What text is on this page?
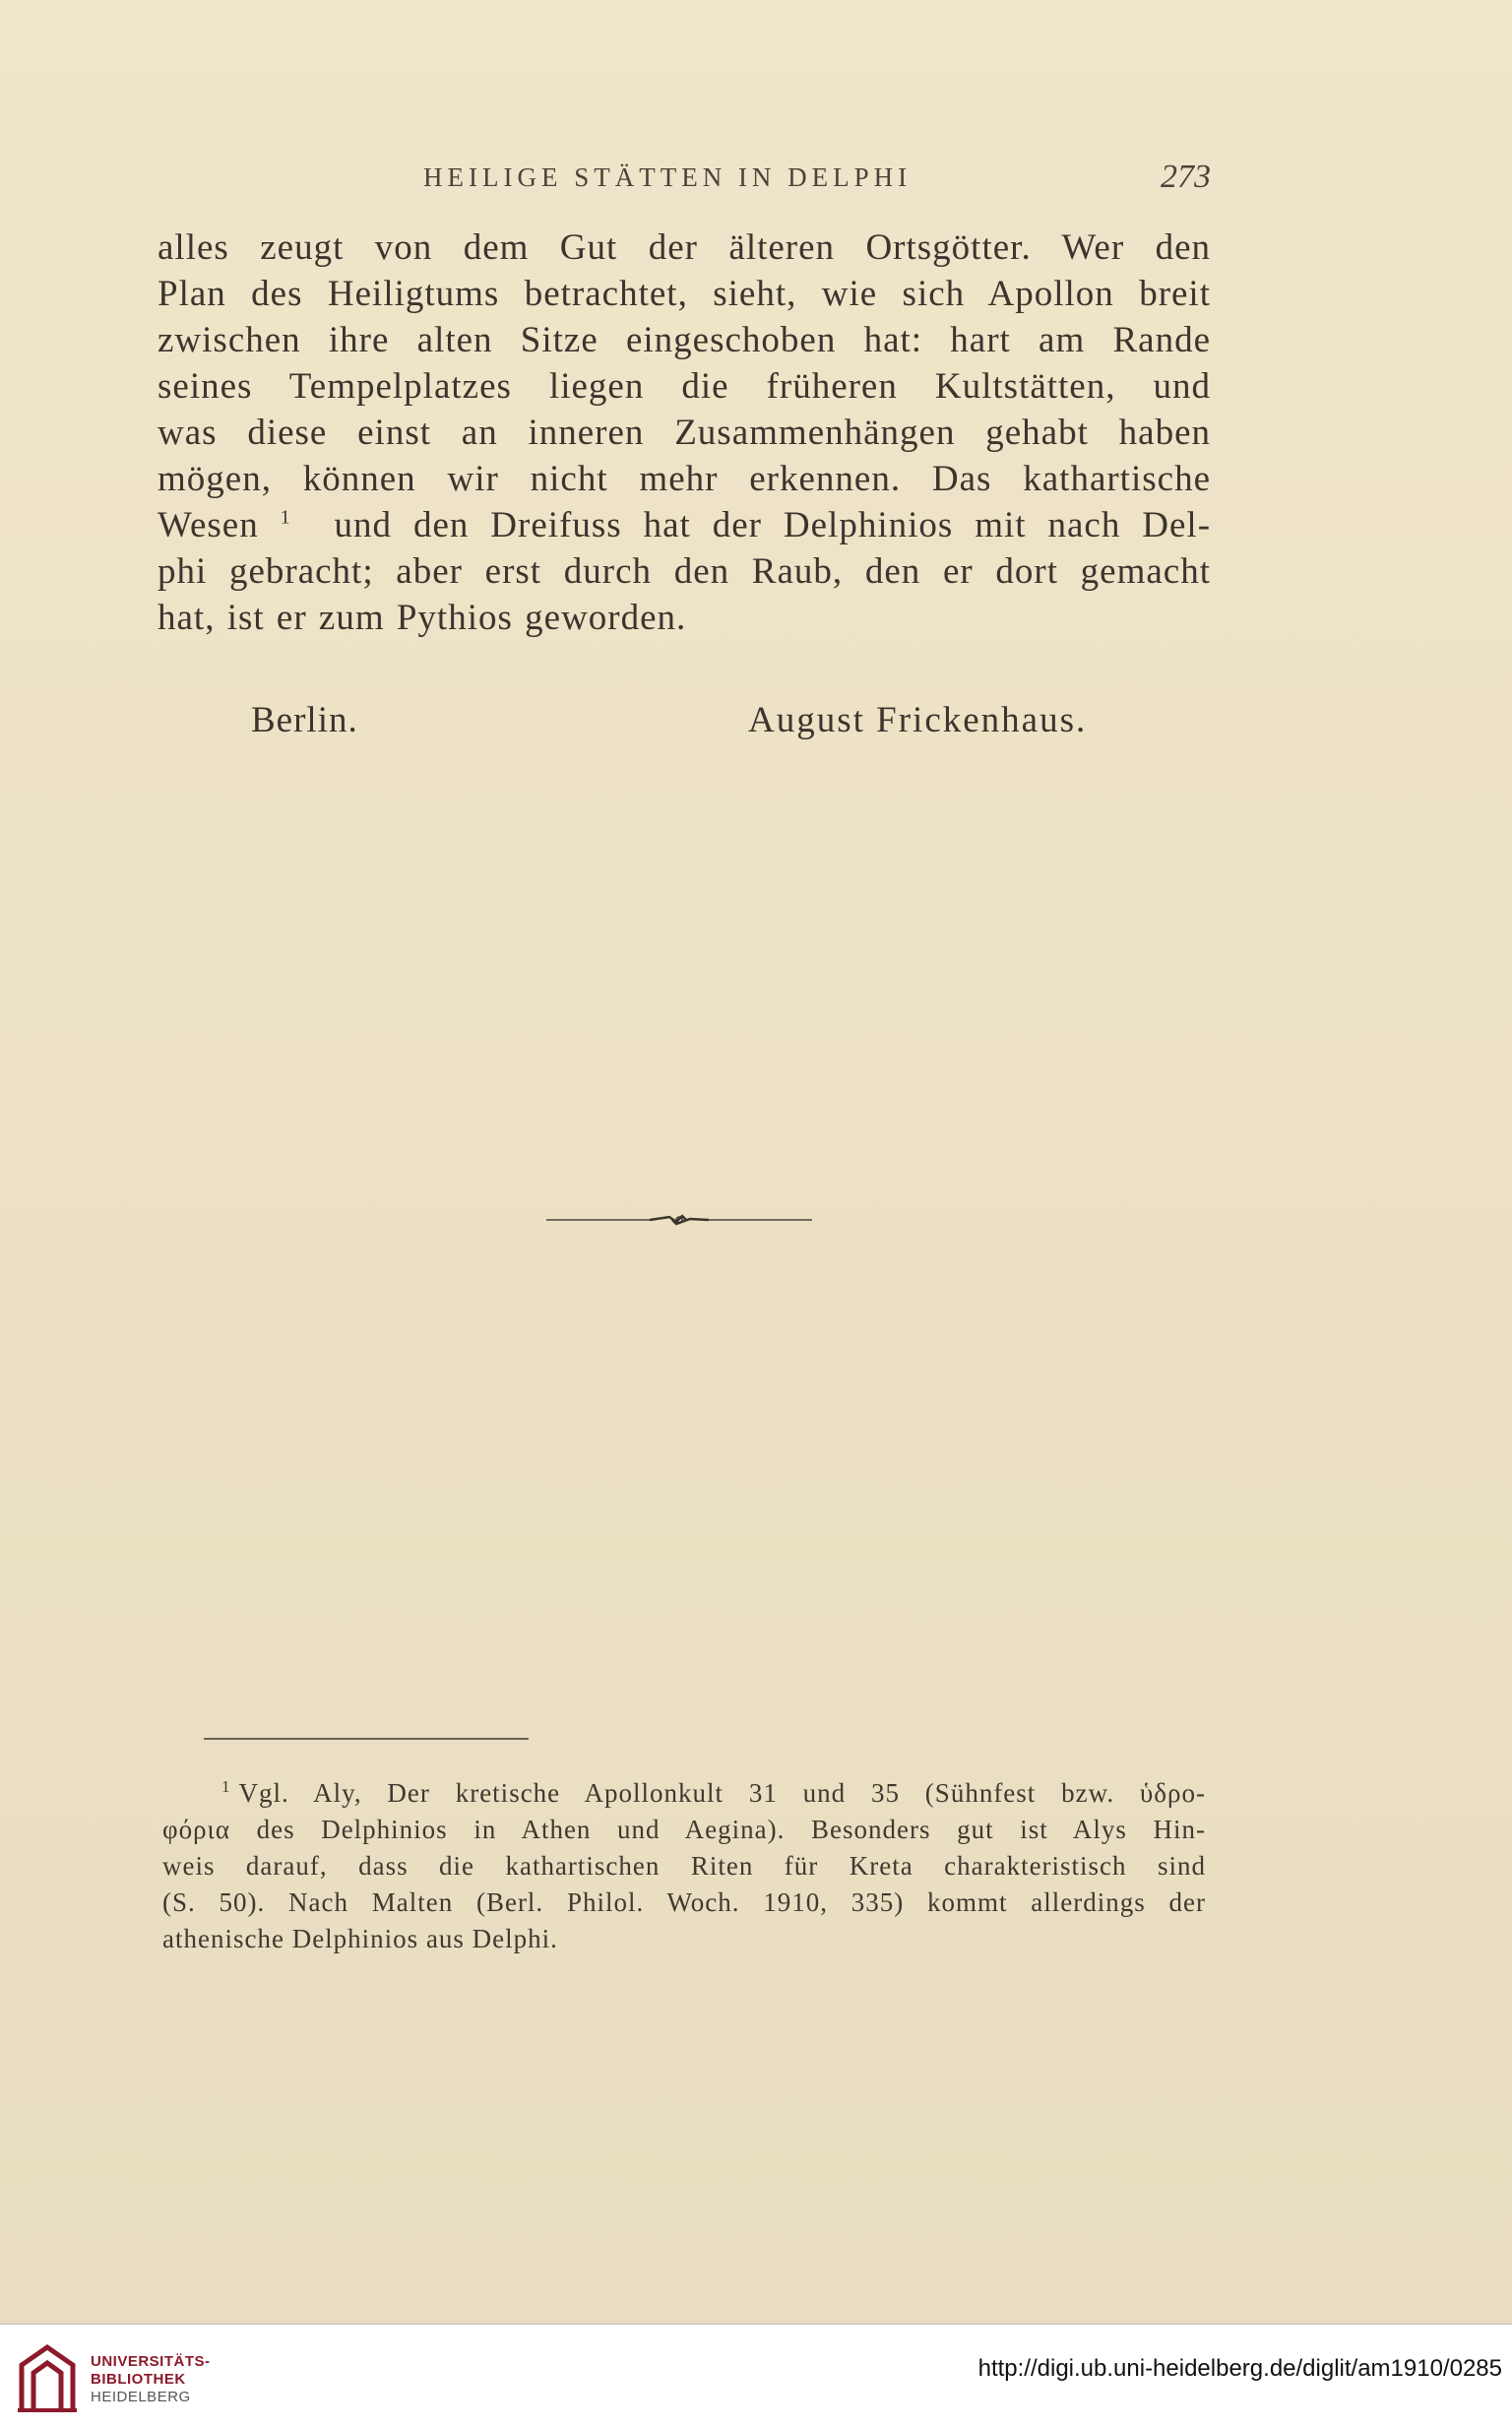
HEILIGE STÄTTEN IN DELPHI	273
alles zeugt von dem Gut der älteren Ortsgötter. Wer den
Plan des Heiligtums betrachtet, sieht, wie sich Apollon breit
zwischen ihre alten Sitze eingeschoben hat: hart am Rande
seines Tempelplatzes liegen die früheren Kultstätten, und
was diese einst an inneren Zusammenhängen gehabt haben
mögen, können wir nicht mehr erkennen. Das kathartische
Wesen $^1$ und den Dreifuss hat der Delphinios mit nach Del-
phi gebracht; aber erst durch den Raub, den er dort gemacht
hat, ist er zum Pythios geworden.
Berlin.	August Frickenhaus.
$^1$ Vgl. Aly, Der kretische Apollonkult 31 und 35 (Sühnfest bzw. ὑδρο-
φόρια des Delphinios in Athen und Aegina). Besonders gut ist Alys Hin-
weis darauf, dass die kathartischen Riten für Kreta charakteristisch sind
(S. 50). Nach Malten (Berl. Philol. Woch. 1910, 335) kommt allerdings der
athenische Delphinios aus Delphi.
UNIVERSITÄTS-
BIBLIOTHEK
HEIDELBERG
http://digi.ub.uni-heidelberg.de/diglit/am1910/0285
